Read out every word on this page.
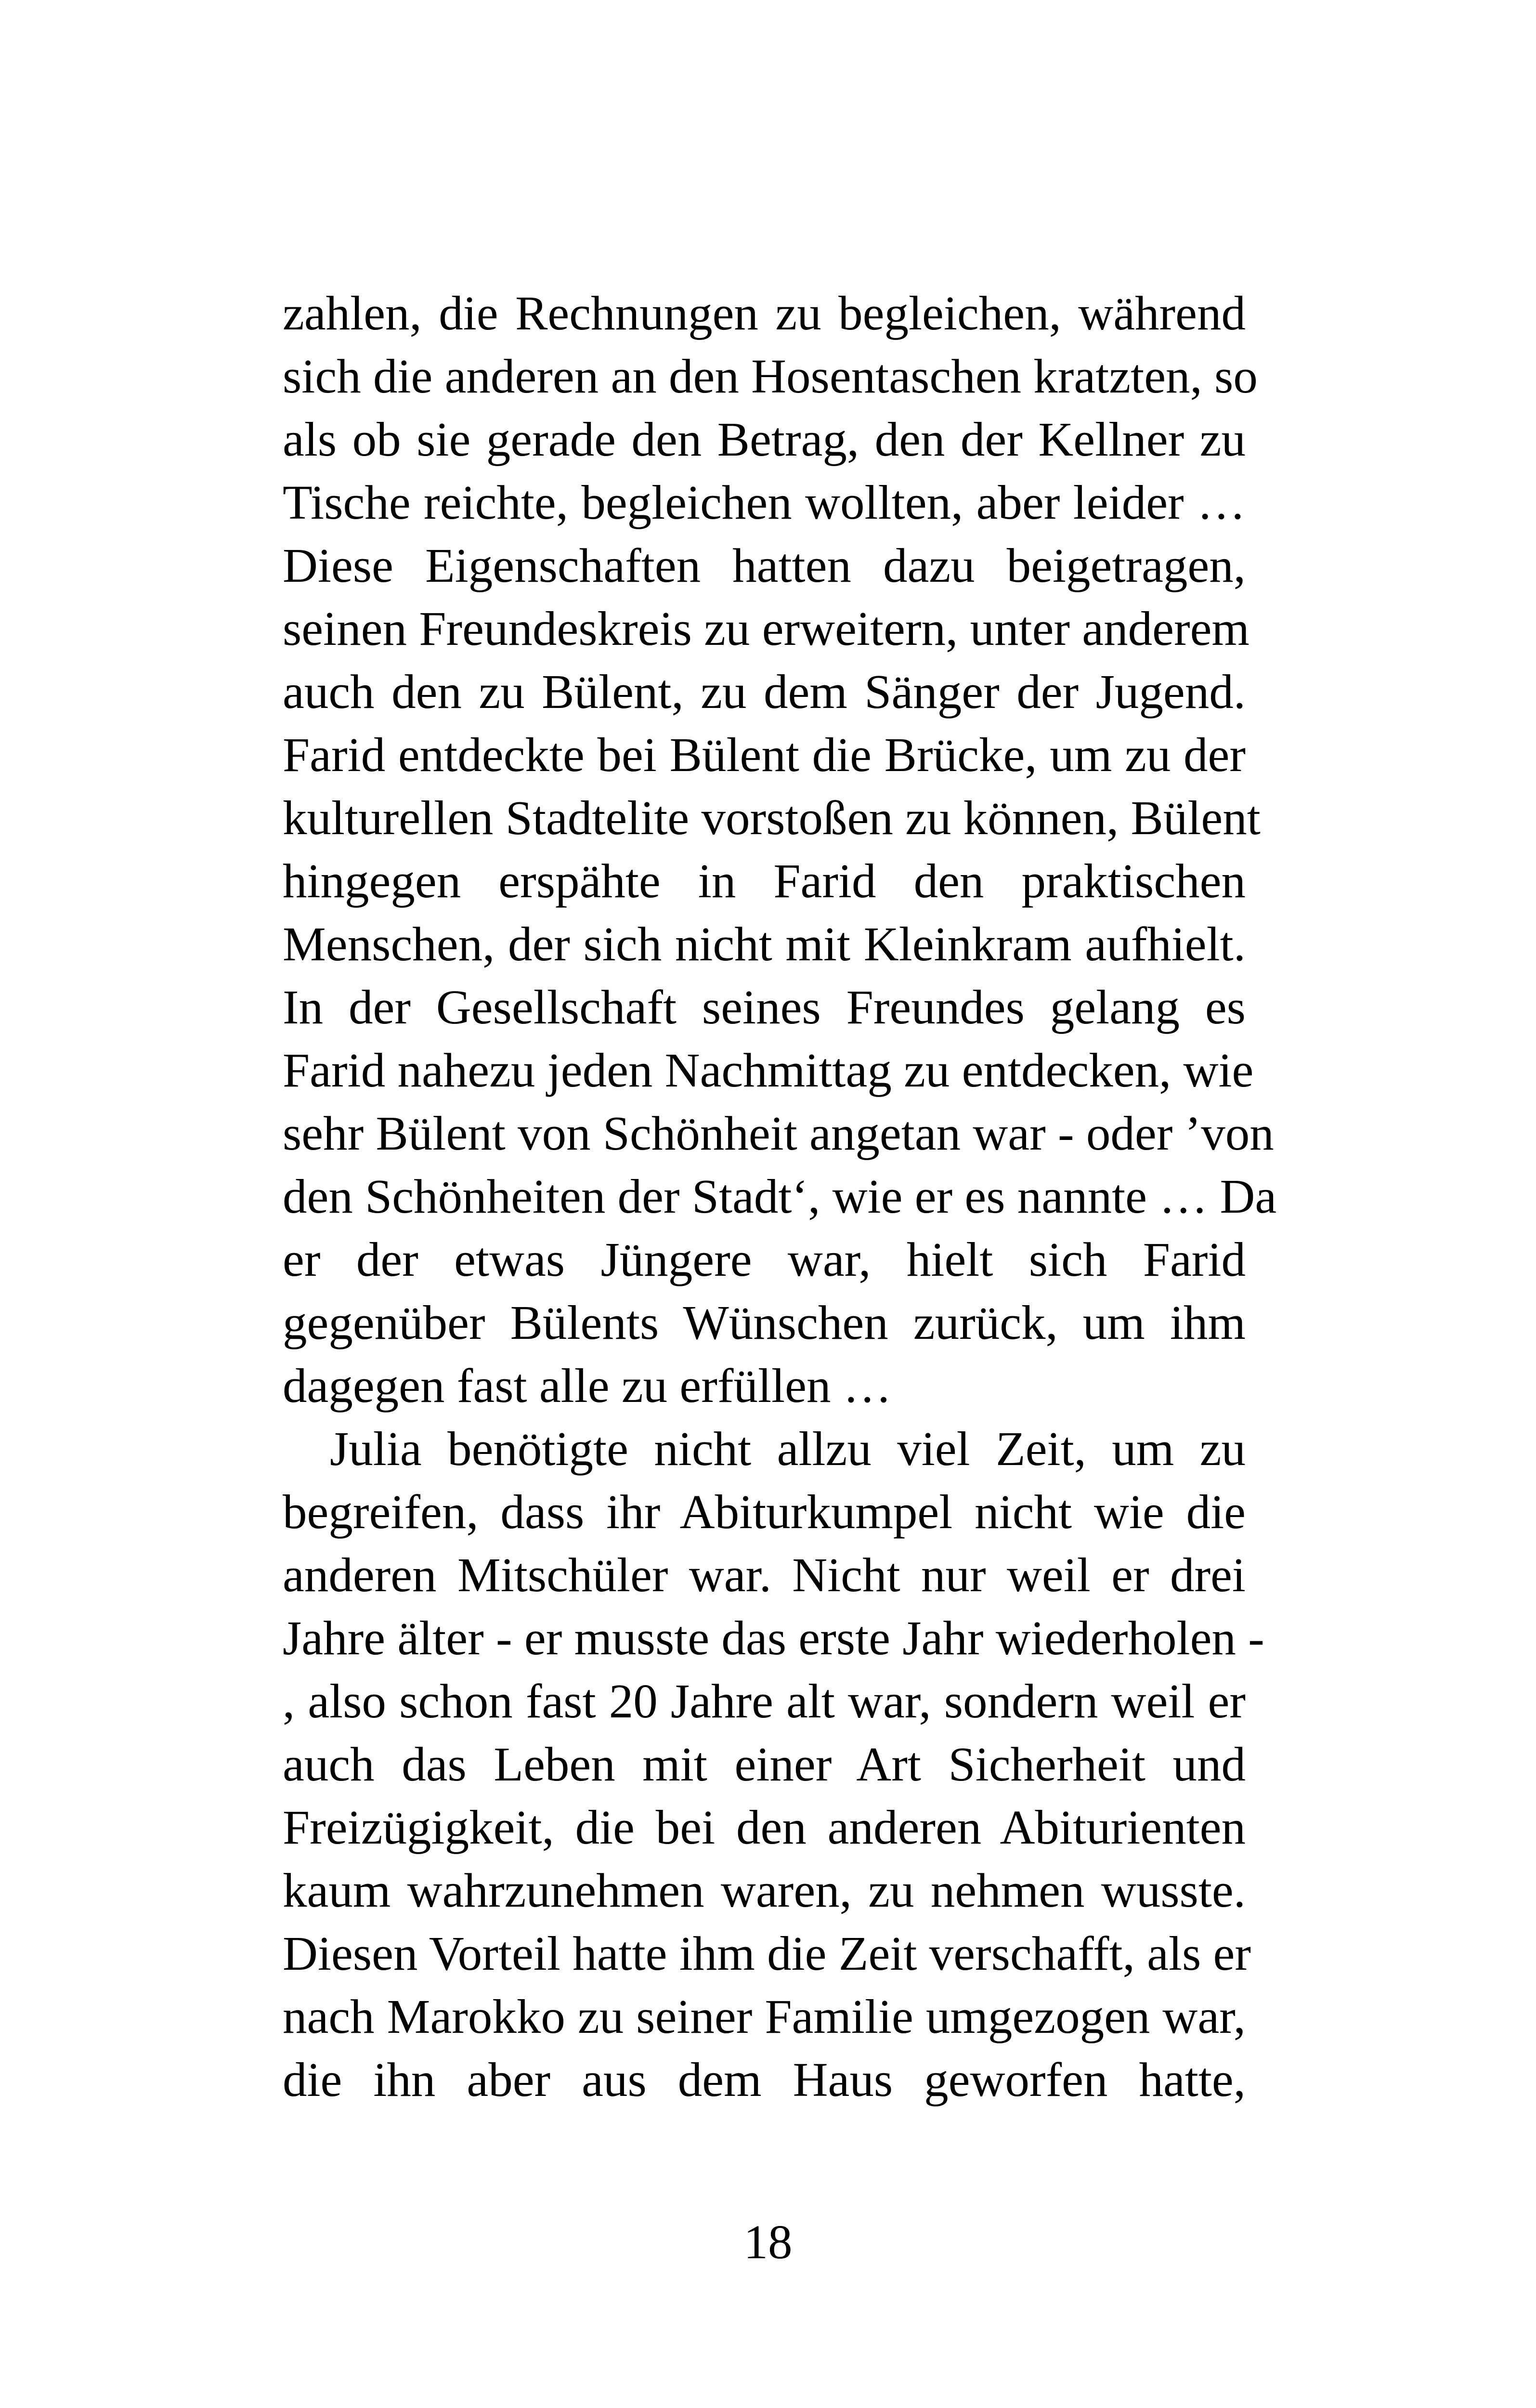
zahlen, die Rechnungen zu begleichen, während
sich die anderen an den Hosentaschen kratzten, so
als ob sie gerade den Betrag, den der Kellner zu
Tische reichte, begleichen wollten, aber leider …
Diese Eigenschaften hatten dazu beigetragen,
seinen Freundeskreis zu erweitern, unter anderem
auch den zu Bülent, zu dem Sänger der Jugend.
Farid entdeckte bei Bülent die Brücke, um zu der
kulturellen Stadtelite vorstoßen zu können, Bülent
hingegen erspähte in Farid den praktischen
Menschen, der sich nicht mit Kleinkram aufhielt.
In der Gesellschaft seines Freundes gelang es
Farid nahezu jeden Nachmittag zu entdecken, wie
sehr Bülent von Schönheit angetan war - oder ’von
den Schönheiten der Stadt‘, wie er es nannte … Da
er der etwas Jüngere war, hielt sich Farid
gegenüber Bülents Wünschen zurück, um ihm
dagegen fast alle zu erfüllen …
Julia benötigte nicht allzu viel Zeit, um zu
begreifen, dass ihr Abiturkumpel nicht wie die
anderen Mitschüler war. Nicht nur weil er drei
Jahre älter - er musste das erste Jahr wiederholen -
, also schon fast 20 Jahre alt war, sondern weil er
auch das Leben mit einer Art Sicherheit und
Freizügigkeit, die bei den anderen Abiturienten
kaum wahrzunehmen waren, zu nehmen wusste.
Diesen Vorteil hatte ihm die Zeit verschafft, als er
nach Marokko zu seiner Familie umgezogen war,
die ihn aber aus dem Haus geworfen hatte,
18
